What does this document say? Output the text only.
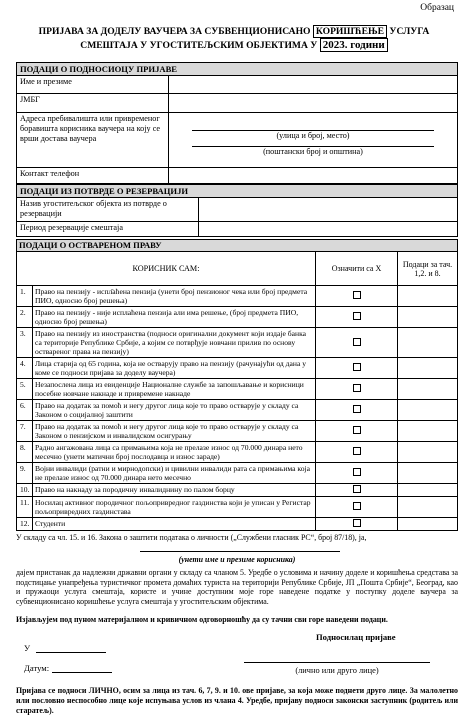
Образац
ПРИЈАВА ЗА ДОДЕЛУ ВАУЧЕРА ЗА СУБВЕНЦИОНИСАНО КОРИШЋЕЊЕ УСЛУГА
СМЕШТАЈА У УГОСТИТЕЉСКИМ ОБЈЕКТИМА У 2023. години
ПОДАЦИ О ПОДНОСИОЦУ ПРИЈАВЕ	
Име и презиме	
ЈМБГ	
Адреса пребивалишта или привременог боравишта корисника ваучера на коју се врши доставa ваучера	(улица и број, место)
(поштански број и општина)

Контакт телефон	
ПОДАЦИ ИЗ ПОТВРДЕ О РЕЗЕРВАЦИЈИ	
Назив угоститељског објекта из потврде о резервацији	
Период резервације смештаја	
ПОДАЦИ О ОСТВАРЕНОМ ПРАВУ			
КОРИСНИК САМ:		Означити са Х	Подаци за тач. 1,2. и 8.
1.	Право на пензију - испл̄аћена пензија (унети број пензионог чека или број предмета ПИО, односно број решења)		
2.	Право на пензију - није исплаћена пензија али има решење, (број предмета ПИО, односно број решења)		
3.	Право на пензију из иностранства (подноси оригинални документ који издаје банка са територије Републике Србије, а којим се потврђује новчани прилив по основу оствареног права на пензију)		
4.	Лица старија од 65 година, која не остварују право на пензију (рачунајући од дана у коме се подноси пријава за доделу ваучера)		
5.	Незапослена лица из евиденције Националне службе за запошљавање и корисници посебне новчане накнаде и привремене накнаде		
6.	Право на додатак за помоћ и негу другог лица које то право остварује у складу са Законом о социјалној заштити		
7.	Право на додатак за помоћ и негу другог лица које то право остварује у складу са Законом о пензијском и инвалидском осигурању		
8.	Радно ангажована лица са примањима која не прелазе износ од 70.000 динара нето месечно (унети матични број послодавца и износ зараде)		
9.	Војни инвалиди (ратни и мирнодопски) и цивилни инвалиди рата са примањима која не прелазе износ од 70.000 динара нето месечно		
10.	Право на накнаду за породичну инвалиднину по палом борцу		
11.	Носилац активног породичног пољопривредног газдинства који је уписан у Регистар пољопривредних газдинстава		
12.	Студенти		
У складу са чл. 15. и 16. Закона о заштити података о личности („Службени гласник РС“, број 87/18), ја,
(унети име и презиме корисника)
дајем пристанак да надлежни државни органи у складу са чланом 5. Уредбе о условима и начину доделе и коришћења средстава за подстицање унапређења туристичког промета домаћих туриста на територији Републике Србије, ЈП „Пошта Србије“, Београд, као и пружаоци услуга смештаја, користе и учине доступним моје горе наведене податке у поступку доделе ваучера за субвенционисано коришћење услуга смештаја у угоститељским објектима.
Изјављујем под пуном материјалном и кривичном одговорношћу да су тачни сви горе наведени подаци.
Подносилац пријаве
У
Датум:	(лично или друго лице)
Пријава се подноси ЛИЧНО, осим за лица из тач. 6, 7, 9. и 10. ове пријаве, за која може поднети друго лице. За малолетно или пословно неспособно лице које испуњава услов из члана 4. Уредбе, пријаву подноси законски заступник (родитељ или старатељ).
